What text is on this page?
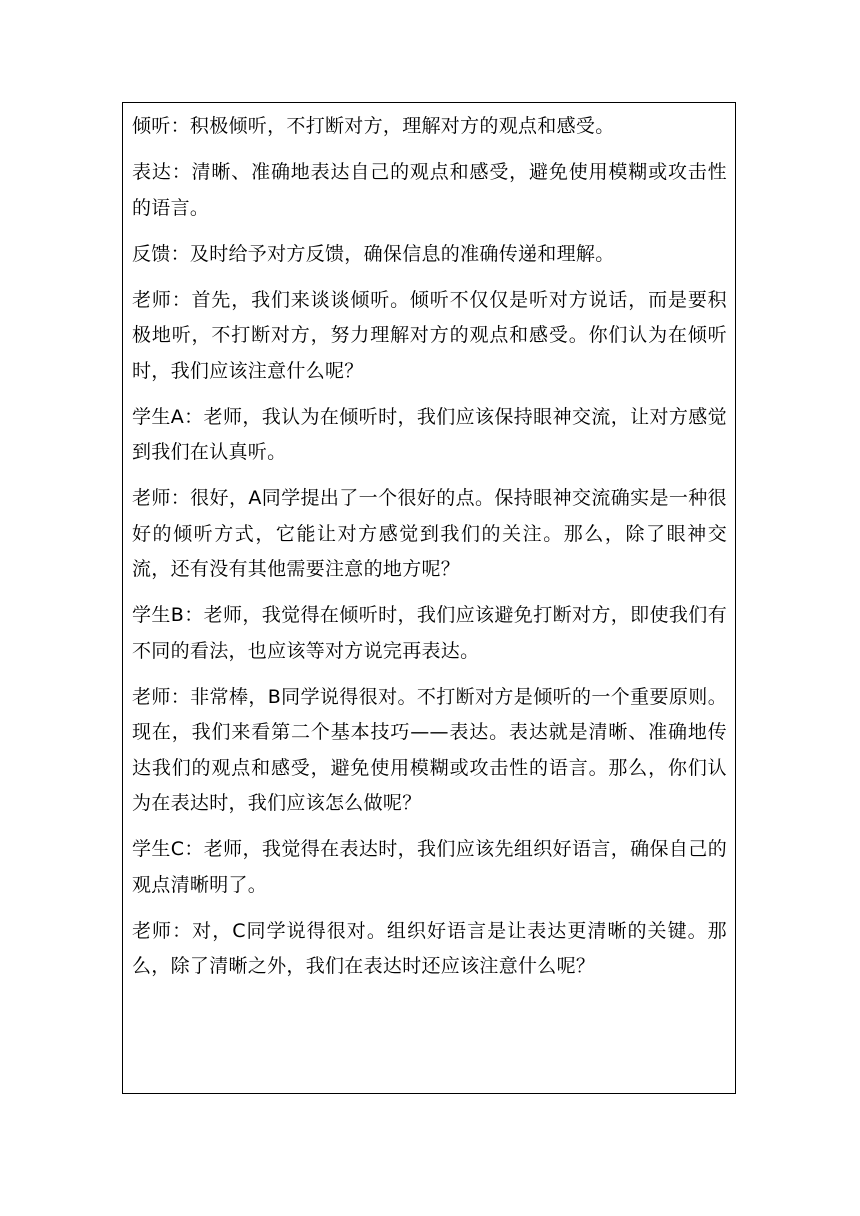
倾听：积极倾听，不打断对方，理解对方的观点和感受。

表达：清晰、准确地表达自己的观点和感受，避免使用模糊或攻击性的语言。

反馈：及时给予对方反馈，确保信息的准确传递和理解。

老师：首先，我们来谈谈倾听。倾听不仅仅是听对方说话，而是要积极地听，不打断对方，努力理解对方的观点和感受。你们认为在倾听时，我们应该注意什么呢？

学生A：老师，我认为在倾听时，我们应该保持眼神交流，让对方感觉到我们在认真听。

老师：很好，A同学提出了一个很好的点。保持眼神交流确实是一种很好的倾听方式，它能让对方感觉到我们的关注。那么，除了眼神交流，还有没有其他需要注意的地方呢？

学生B：老师，我觉得在倾听时，我们应该避免打断对方，即使我们有不同的看法，也应该等对方说完再表达。

老师：非常棒，B同学说得很对。不打断对方是倾听的一个重要原则。现在，我们来看第二个基本技巧——表达。表达就是清晰、准确地传达我们的观点和感受，避免使用模糊或攻击性的语言。那么，你们认为在表达时，我们应该怎么做呢？

学生C：老师，我觉得在表达时，我们应该先组织好语言，确保自己的观点清晰明了。

老师：对，C同学说得很对。组织好语言是让表达更清晰的关键。那么，除了清晰之外，我们在表达时还应该注意什么呢？
